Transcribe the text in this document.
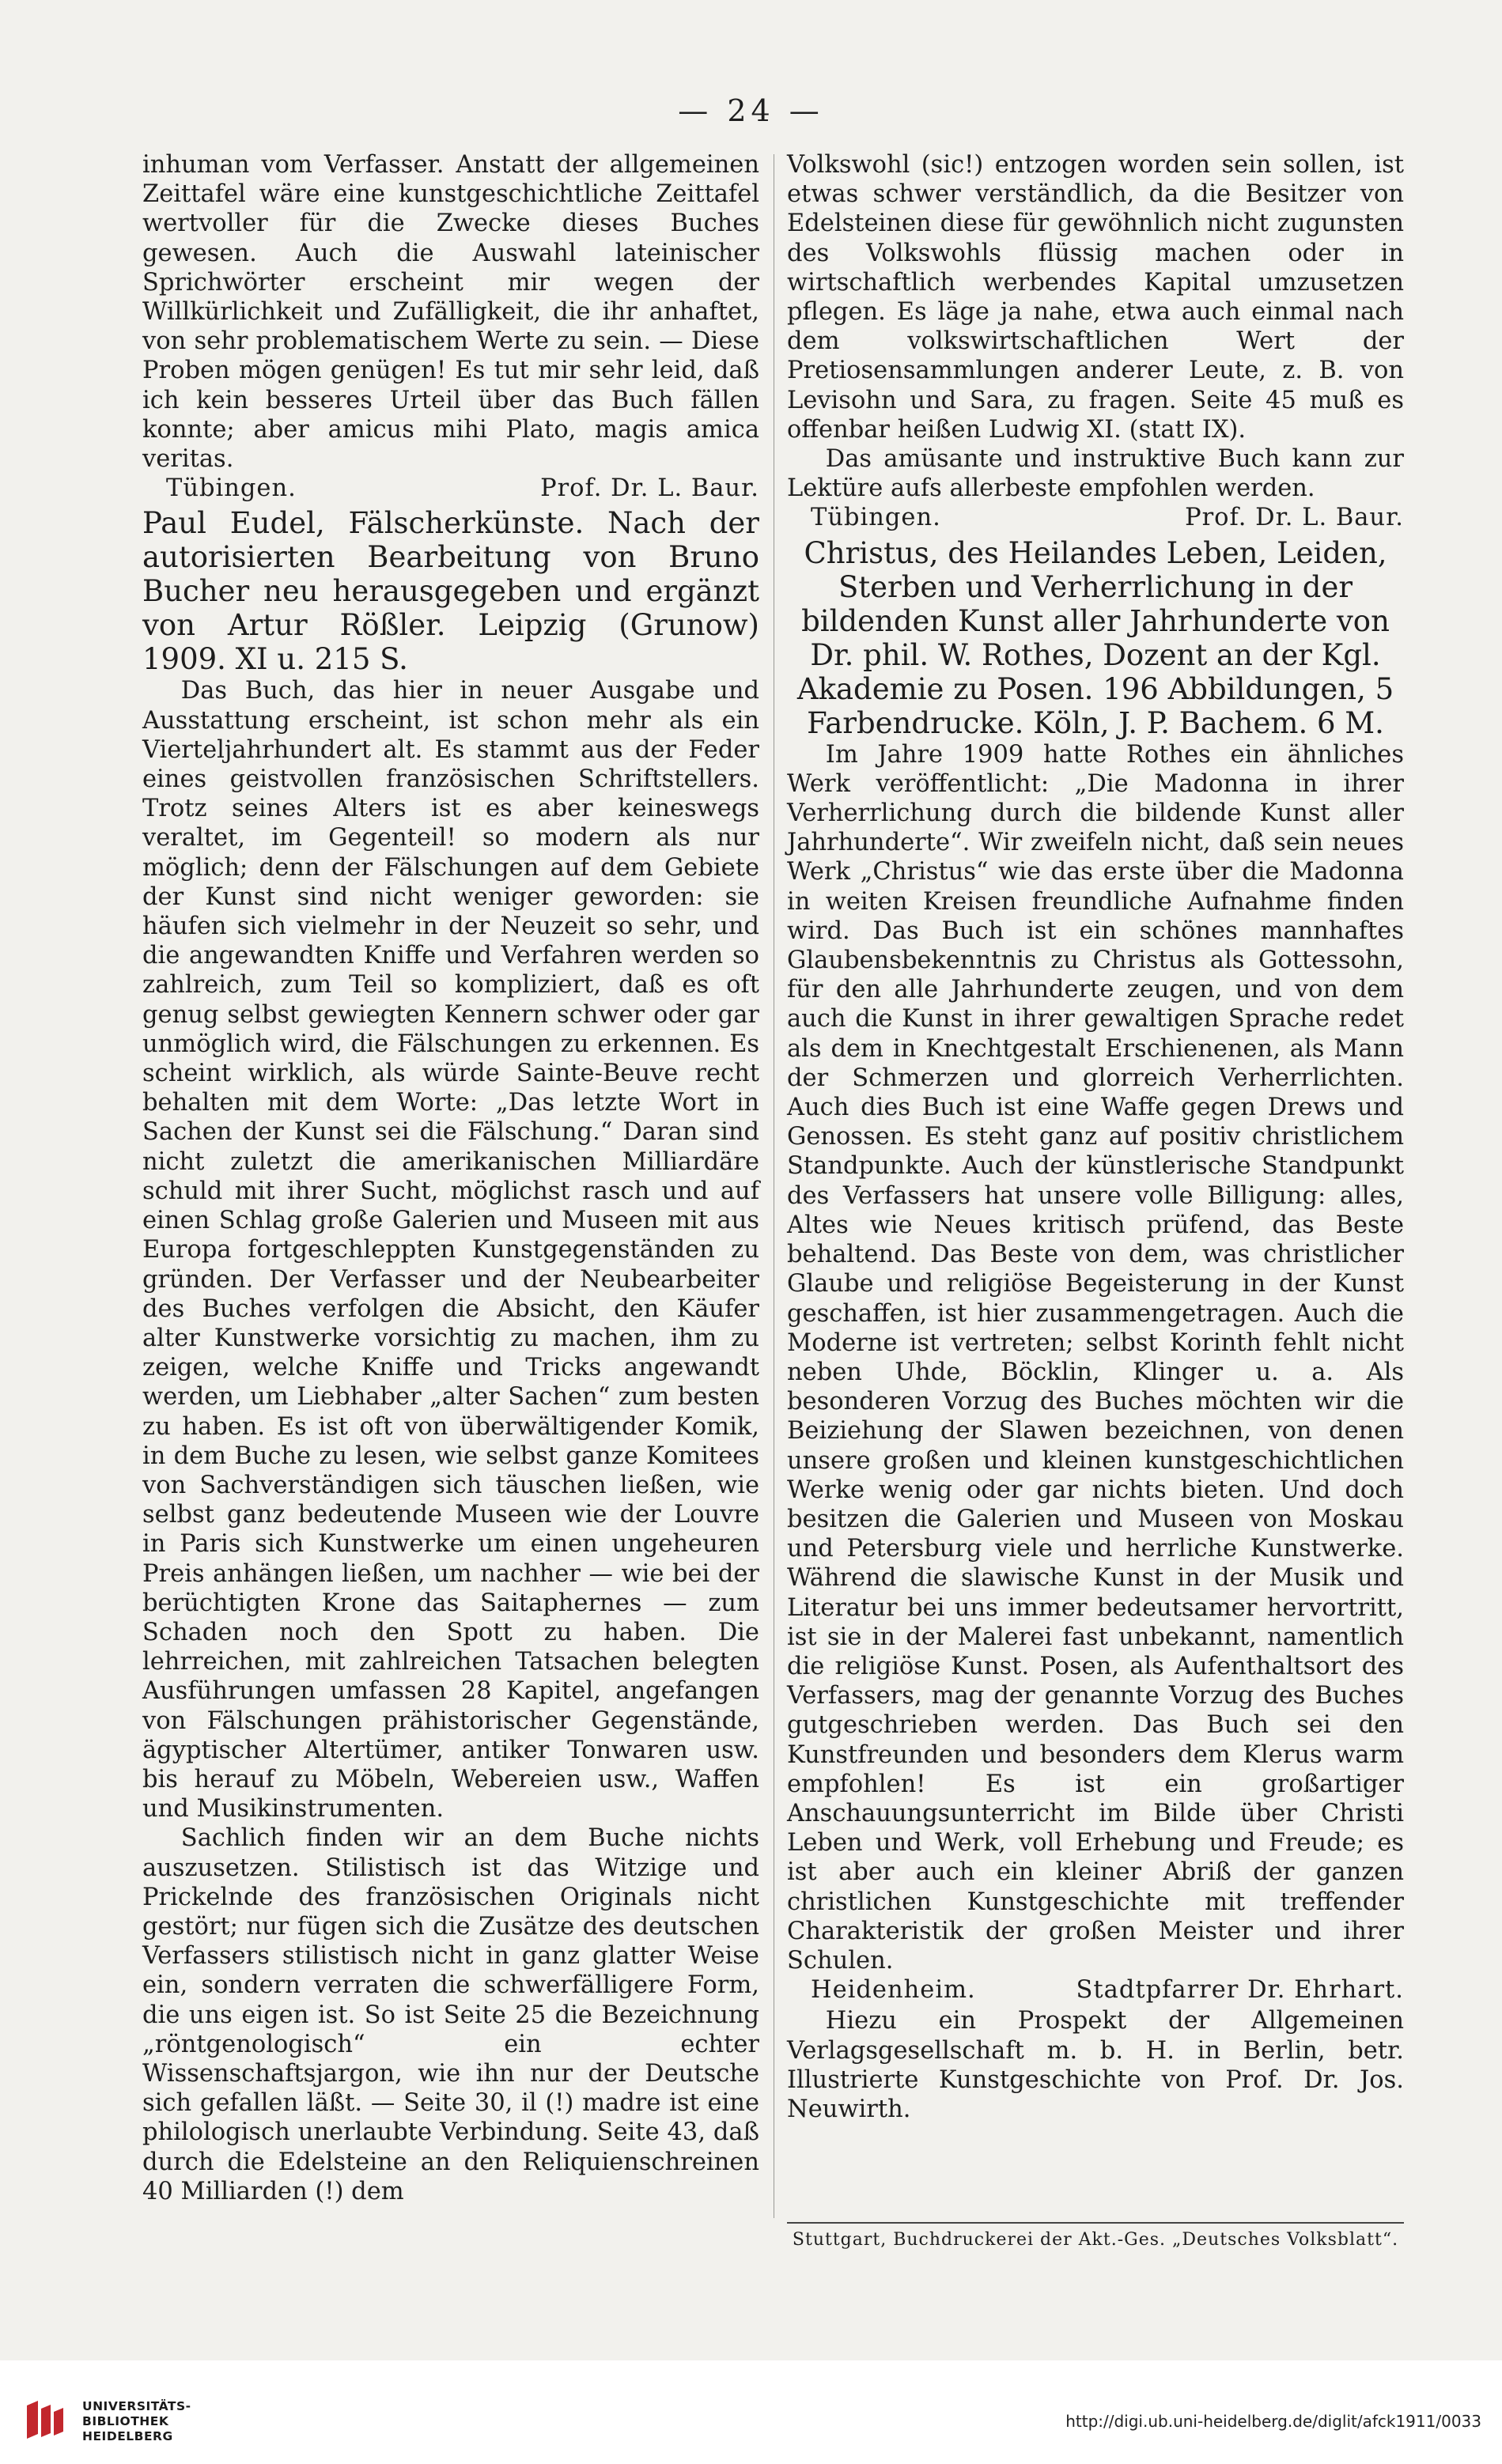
— 24 —

inhuman vom Verfasser. Anstatt der allgemeinen Zeittafel wäre eine kunstgeschichtliche Zeittafel wertvoller für die Zwecke dieses Buches gewesen. Auch die Auswahl lateinischer Sprichwörter erscheint mir wegen der Willkürlichkeit und Zufälligkeit, die ihr anhaftet, von sehr problematischem Werte zu sein. — Diese Proben mögen genügen! Es tut mir sehr leid, daß ich kein besseres Urteil über das Buch fällen konnte; aber amicus mihi Plato, magis amica veritas.

Tübingen.	Prof. Dr. L. Baur.
Paul Eudel, Fälscherkünste. Nach der autorisierten Bearbeitung von Bruno Bucher neu herausgegeben und ergänzt von Artur Rößler. Leipzig (Grunow) 1909. XI u. 215 S.

Das Buch, das hier in neuer Ausgabe und Ausstattung erscheint, ist schon mehr als ein Vierteljahrhundert alt. Es stammt aus der Feder eines geistvollen französischen Schriftstellers. Trotz seines Alters ist es aber keineswegs veraltet, im Gegenteil! so modern als nur möglich; denn der Fälschungen auf dem Gebiete der Kunst sind nicht weniger geworden: sie häufen sich vielmehr in der Neuzeit so sehr, und die angewandten Kniffe und Verfahren werden so zahlreich, zum Teil so kompliziert, daß es oft genug selbst gewiegten Kennern schwer oder gar unmöglich wird, die Fälschungen zu erkennen. Es scheint wirklich, als würde Sainte-Beuve recht behalten mit dem Worte: „Das letzte Wort in Sachen der Kunst sei die Fälschung.“ Daran sind nicht zuletzt die amerikanischen Milliardäre schuld mit ihrer Sucht, möglichst rasch und auf einen Schlag große Galerien und Museen mit aus Europa fortgeschleppten Kunstgegenständen zu gründen. Der Verfasser und der Neubearbeiter des Buches verfolgen die Absicht, den Käufer alter Kunstwerke vorsichtig zu machen, ihm zu zeigen, welche Kniffe und Tricks angewandt werden, um Liebhaber „alter Sachen“ zum besten zu haben. Es ist oft von überwältigender Komik, in dem Buche zu lesen, wie selbst ganze Komitees von Sachverständigen sich täuschen ließen, wie selbst ganz bedeutende Museen wie der Louvre in Paris sich Kunstwerke um einen ungeheuren Preis anhängen ließen, um nachher — wie bei der berüchtigten Krone das Saitaphernes — zum Schaden noch den Spott zu haben. Die lehrreichen, mit zahlreichen Tatsachen belegten Ausführungen umfassen 28 Kapitel, angefangen von Fälschungen prähistorischer Gegenstände, ägyptischer Altertümer, antiker Tonwaren usw. bis herauf zu Möbeln, Webereien usw., Waffen und Musikinstrumenten.

Sachlich finden wir an dem Buche nichts auszusetzen. Stilistisch ist das Witzige und Prickelnde des französischen Originals nicht gestört; nur fügen sich die Zusätze des deutschen Verfassers stilistisch nicht in ganz glatter Weise ein, sondern verraten die schwerfälligere Form, die uns eigen ist. So ist Seite 25 die Bezeichnung „röntgenologisch“ ein echter Wissenschaftsjargon, wie ihn nur der Deutsche sich gefallen läßt. — Seite 30, il (!) madre ist eine philologisch unerlaubte Verbindung. Seite 43, daß durch die Edelsteine an den Reliquienschreinen 40 Milliarden (!) dem

Volkswohl (sic!) entzogen worden sein sollen, ist etwas schwer verständlich, da die Besitzer von Edelsteinen diese für gewöhnlich nicht zugunsten des Volkswohls flüssig machen oder in wirtschaftlich werbendes Kapital umzusetzen pflegen. Es läge ja nahe, etwa auch einmal nach dem volkswirtschaftlichen Wert der Pretiosensammlungen anderer Leute, z. B. von Levisohn und Sara, zu fragen. Seite 45 muß es offenbar heißen Ludwig XI. (statt IX).

Das amüsante und instruktive Buch kann zur Lektüre aufs allerbeste empfohlen werden.

Tübingen.	Prof. Dr. L. Baur.
Christus, des Heilandes Leben, Leiden, Sterben und Verherrlichung in der bildenden Kunst aller Jahrhunderte von Dr. phil. W. Rothes, Dozent an der Kgl. Akademie zu Posen. 196 Abbildungen, 5 Farbendrucke. Köln, J. P. Bachem. 6 M.

Im Jahre 1909 hatte Rothes ein ähnliches Werk veröffentlicht: „Die Madonna in ihrer Verherrlichung durch die bildende Kunst aller Jahrhunderte“. Wir zweifeln nicht, daß sein neues Werk „Christus“ wie das erste über die Madonna in weiten Kreisen freundliche Aufnahme finden wird. Das Buch ist ein schönes mannhaftes Glaubensbekenntnis zu Christus als Gottessohn, für den alle Jahrhunderte zeugen, und von dem auch die Kunst in ihrer gewaltigen Sprache redet als dem in Knechtgestalt Erschienenen, als Mann der Schmerzen und glorreich Verherrlichten. Auch dies Buch ist eine Waffe gegen Drews und Genossen. Es steht ganz auf positiv christlichem Standpunkte. Auch der künstlerische Standpunkt des Verfassers hat unsere volle Billigung: alles, Altes wie Neues kritisch prüfend, das Beste behaltend. Das Beste von dem, was christlicher Glaube und religiöse Begeisterung in der Kunst geschaffen, ist hier zusammengetragen. Auch die Moderne ist vertreten; selbst Korinth fehlt nicht neben Uhde, Böcklin, Klinger u. a. Als besonderen Vorzug des Buches möchten wir die Beiziehung der Slawen bezeichnen, von denen unsere großen und kleinen kunstgeschichtlichen Werke wenig oder gar nichts bieten. Und doch besitzen die Galerien und Museen von Moskau und Petersburg viele und herrliche Kunstwerke. Während die slawische Kunst in der Musik und Literatur bei uns immer bedeutsamer hervortritt, ist sie in der Malerei fast unbekannt, namentlich die religiöse Kunst. Posen, als Aufenthaltsort des Verfassers, mag der genannte Vorzug des Buches gutgeschrieben werden. Das Buch sei den Kunstfreunden und besonders dem Klerus warm empfohlen! Es ist ein großartiger Anschauungsunterricht im Bilde über Christi Leben und Werk, voll Erhebung und Freude; es ist aber auch ein kleiner Abriß der ganzen christlichen Kunstgeschichte mit treffender Charakteristik der großen Meister und ihrer Schulen.

Heidenheim.	Stadtpfarrer Dr. Ehrhart.

Hiezu ein Prospekt der Allgemeinen Verlagsgesellschaft m. b. H. in Berlin, betr. Illustrierte Kunstgeschichte von Prof. Dr. Jos. Neuwirth.

Stuttgart, Buchdruckerei der Akt.-Ges. „Deutsches Volksblatt“.
UNIVERSITÄTS-
BIBLIOTHEK
HEIDELBERG
http://digi.ub.uni-heidelberg.de/diglit/afck1911/0033
